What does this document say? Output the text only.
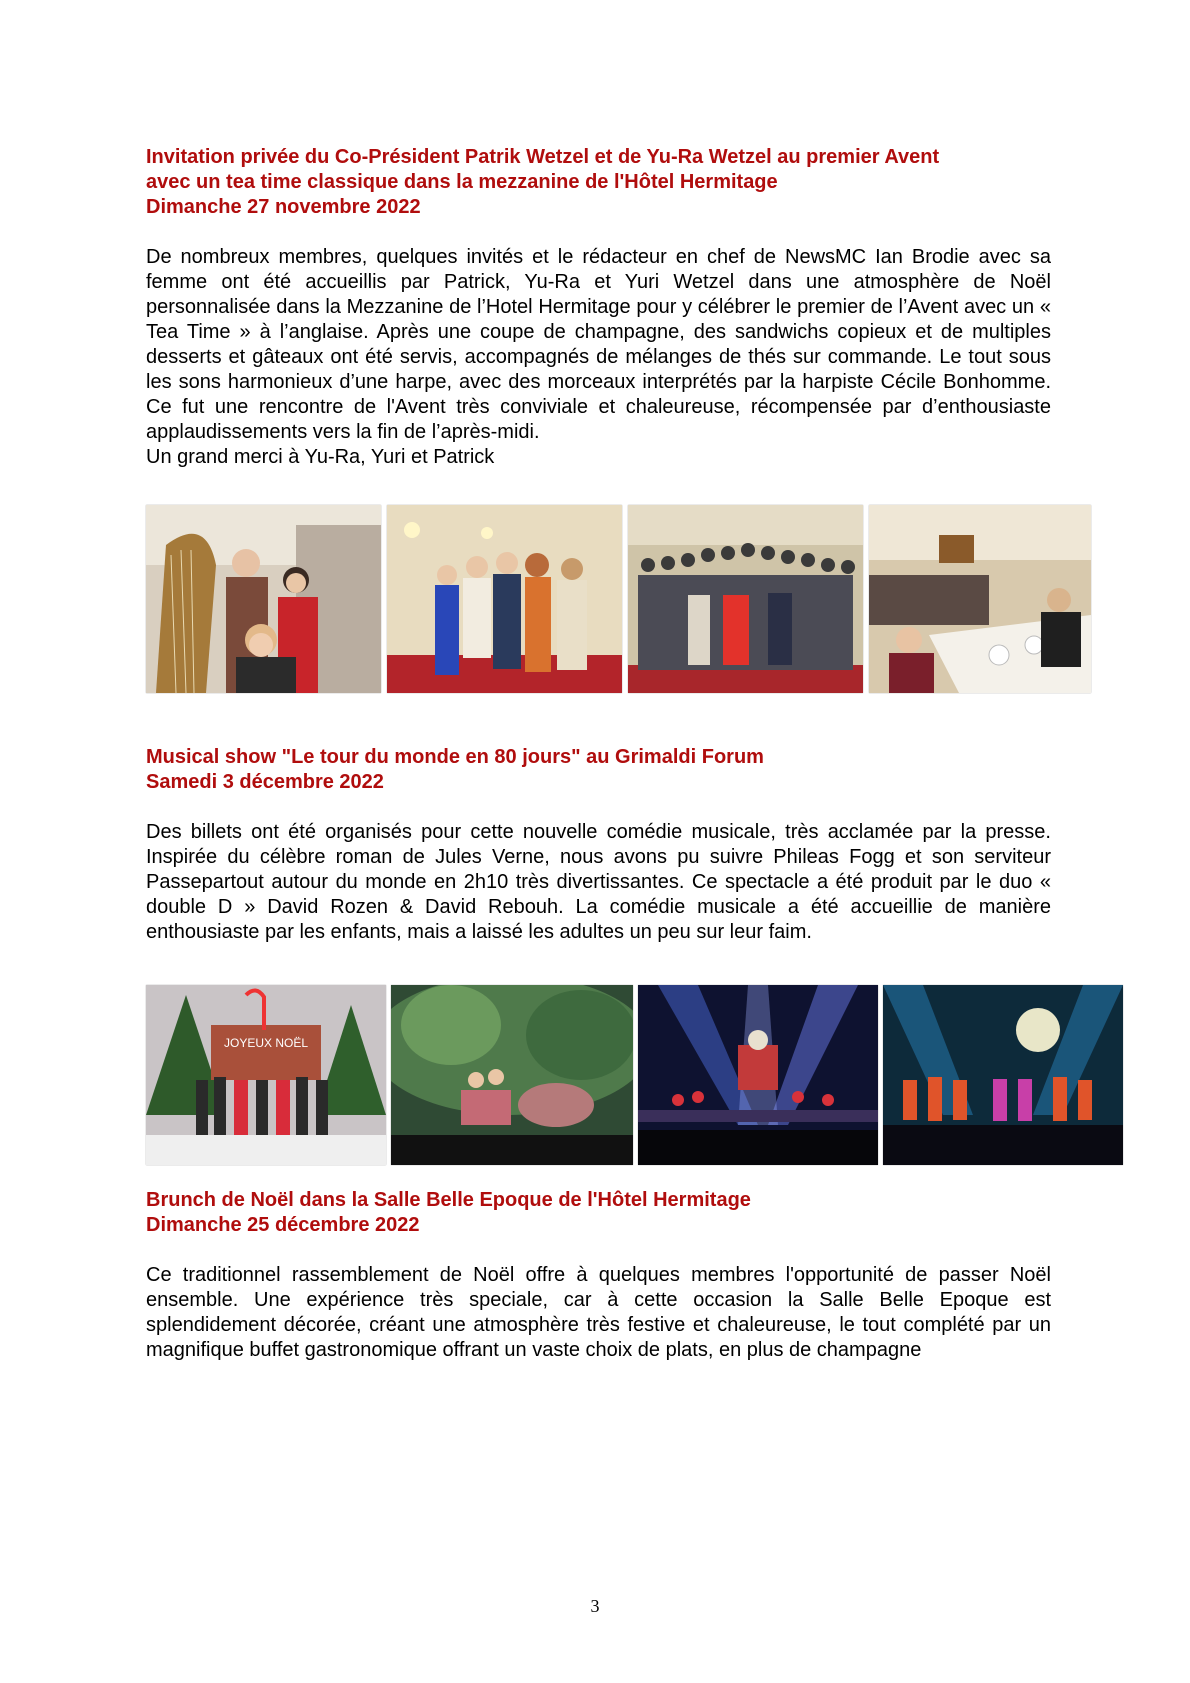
Invitation privée du Co-Président Patrik Wetzel et de Yu-Ra Wetzel au premier Avent
avec un tea time classique dans la mezzanine de l'Hôtel Hermitage
Dimanche 27 novembre 2022

De nombreux membres, quelques invités et le rédacteur en chef de NewsMC Ian Brodie avec sa femme ont été accueillis par Patrick, Yu-Ra et Yuri Wetzel dans une atmosphère de Noël personnalisée dans la Mezzanine de l’Hotel Hermitage pour y célébrer le premier de l’Avent avec un « Tea Time » à l’anglaise. Après une coupe de champagne, des sandwichs copieux et de multiples desserts et gâteaux ont été servis, accompagnés de mélanges de thés sur commande. Le tout sous les sons harmonieux d’une harpe, avec des morceaux interprétés par la harpiste Cécile Bonhomme. Ce fut une rencontre de l'Avent très conviviale et chaleureuse, récompensée par d’enthousiaste applaudissements vers la fin de l’après-midi.

Un grand merci à Yu-Ra, Yuri et Patrick

Musical show "Le tour du monde en 80 jours" au Grimaldi Forum
Samedi 3 décembre 2022

Des billets ont été organisés pour cette nouvelle comédie musicale, très acclamée par la presse. Inspirée du célèbre roman de Jules Verne, nous avons pu suivre Phileas Fogg et son serviteur Passepartout autour du monde en 2h10 très divertissantes. Ce spectacle a été produit par le duo « double D » David Rozen & David Rebouh. La comédie musicale a été accueillie de manière enthousiaste par les enfants, mais a laissé les adultes un peu sur leur faim.

JOYEUX NOËL
Brunch de Noël dans la Salle Belle Epoque de l'Hôtel Hermitage
Dimanche 25 décembre 2022

Ce traditionnel rassemblement de Noël offre à quelques membres l'opportunité de passer Noël ensemble. Une expérience très speciale, car à cette occasion la Salle Belle Epoque est splendidement décorée, créant une atmosphère très festive et chaleureuse, le tout complété par un magnifique buffet gastronomique offrant un vaste choix de plats, en plus de champagne

3
